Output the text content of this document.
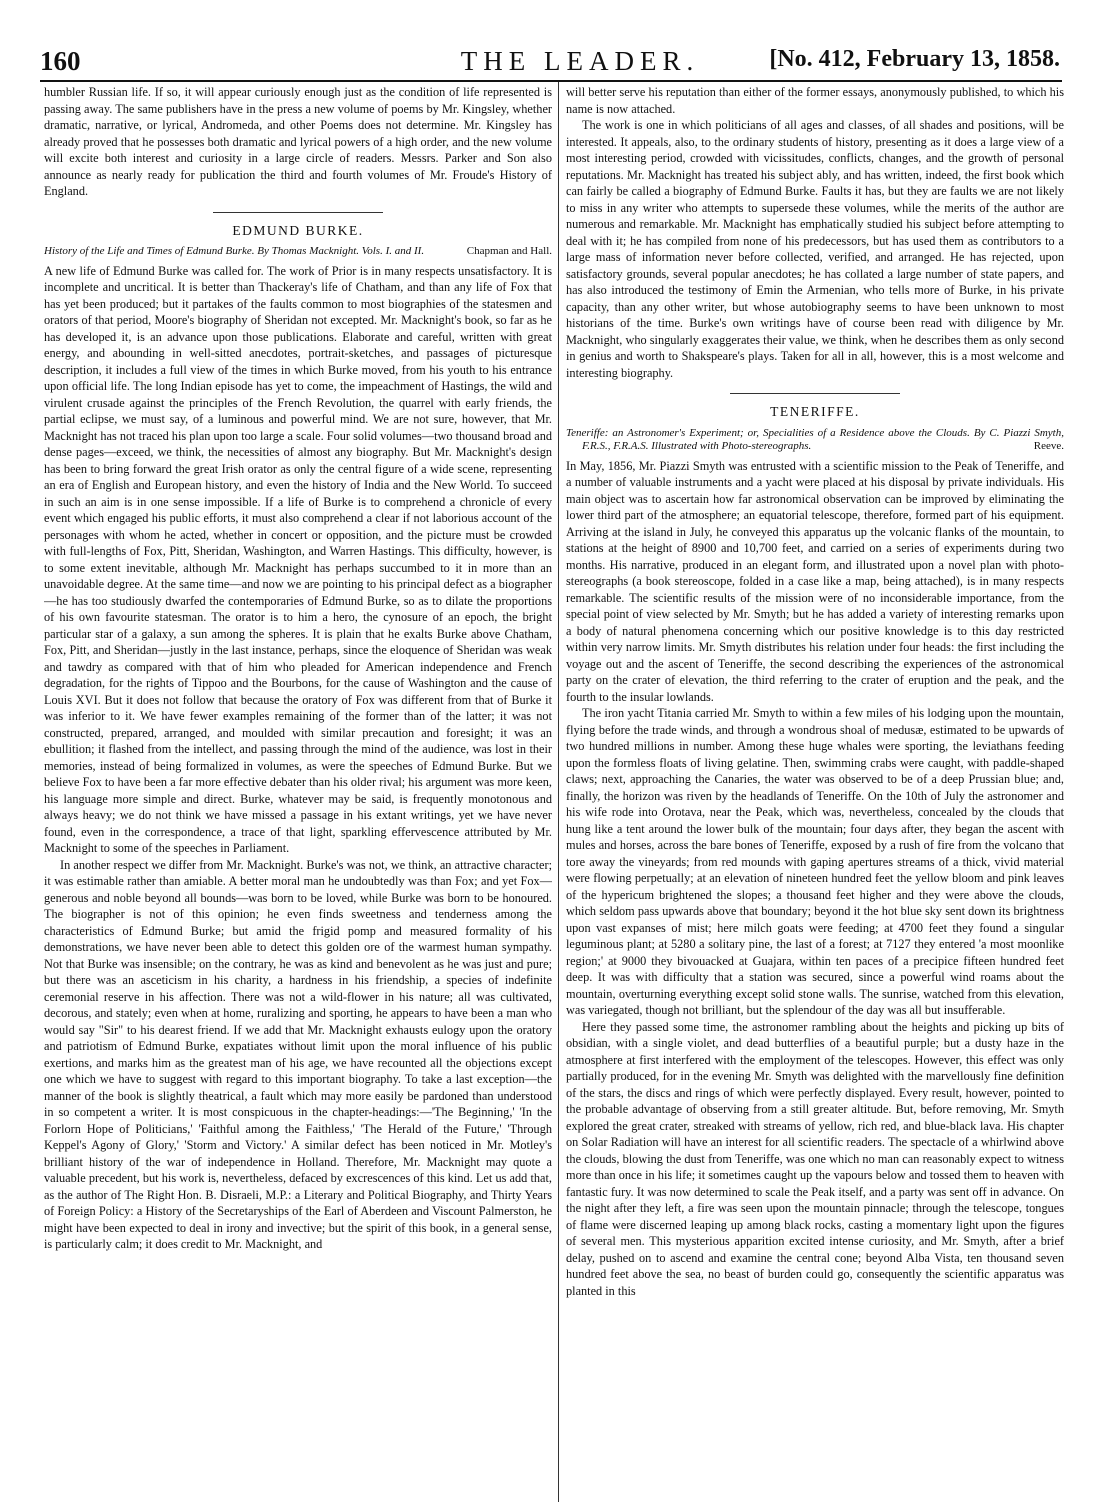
160	THE LEADER.	[No. 412, February 13, 1858.

humbler Russian life. If so, it will appear curiously enough just as the condition of life represented is passing away. The same publishers have in the press a new volume of poems by Mr. Kingsley, whether dramatic, narrative, or lyrical, Andromeda, and other Poems does not determine. Mr. Kingsley has already proved that he possesses both dramatic and lyrical powers of a high order, and the new volume will excite both interest and curiosity in a large circle of readers. Messrs. Parker and Son also announce as nearly ready for publication the third and fourth volumes of Mr. Froude's History of England.

EDMUND BURKE.
History of the Life and Times of Edmund Burke. By Thomas Macknight. Vols. I. and II.	Chapman and Hall.

A new life of Edmund Burke was called for. The work of Prior is in many respects unsatisfactory. It is incomplete and uncritical. It is better than Thackeray's life of Chatham, and than any life of Fox that has yet been produced; but it partakes of the faults common to most biographies of the statesmen and orators of that period, Moore's biography of Sheridan not excepted. Mr. Macknight's book, so far as he has developed it, is an advance upon those publications. Elaborate and careful, written with great energy, and abounding in well-sitted anecdotes, portrait-sketches, and passages of picturesque description, it includes a full view of the times in which Burke moved, from his youth to his entrance upon official life. The long Indian episode has yet to come, the impeachment of Hastings, the wild and virulent crusade against the principles of the French Revolution, the quarrel with early friends, the partial eclipse, we must say, of a luminous and powerful mind. We are not sure, however, that Mr. Macknight has not traced his plan upon too large a scale. Four solid volumes—two thousand broad and dense pages—exceed, we think, the necessities of almost any biography. But Mr. Macknight's design has been to bring forward the great Irish orator as only the central figure of a wide scene, representing an era of English and European history, and even the history of India and the New World. To succeed in such an aim is in one sense impossible. If a life of Burke is to comprehend a chronicle of every event which engaged his public efforts, it must also comprehend a clear if not laborious account of the personages with whom he acted, whether in concert or opposition, and the picture must be crowded with full-lengths of Fox, Pitt, Sheridan, Washington, and Warren Hastings. This difficulty, however, is to some extent inevitable, although Mr. Macknight has perhaps succumbed to it in more than an unavoidable degree. At the same time—and now we are pointing to his principal defect as a biographer—he has too studiously dwarfed the contemporaries of Edmund Burke, so as to dilate the proportions of his own favourite statesman. The orator is to him a hero, the cynosure of an epoch, the bright particular star of a galaxy, a sun among the spheres. It is plain that he exalts Burke above Chatham, Fox, Pitt, and Sheridan—justly in the last instance, perhaps, since the eloquence of Sheridan was weak and tawdry as compared with that of him who pleaded for American independence and French degradation, for the rights of Tippoo and the Bourbons, for the cause of Washington and the cause of Louis XVI. But it does not follow that because the oratory of Fox was different from that of Burke it was inferior to it. We have fewer examples remaining of the former than of the latter; it was not constructed, prepared, arranged, and moulded with similar precaution and foresight; it was an ebullition; it flashed from the intellect, and passing through the mind of the audience, was lost in their memories, instead of being formalized in volumes, as were the speeches of Edmund Burke. But we believe Fox to have been a far more effective debater than his older rival; his argument was more keen, his language more simple and direct. Burke, whatever may be said, is frequently monotonous and always heavy; we do not think we have missed a passage in his extant writings, yet we have never found, even in the correspondence, a trace of that light, sparkling effervescence attributed by Mr. Macknight to some of the speeches in Parliament.

In another respect we differ from Mr. Macknight. Burke's was not, we think, an attractive character; it was estimable rather than amiable. A better moral man he undoubtedly was than Fox; and yet Fox—generous and noble beyond all bounds—was born to be loved, while Burke was born to be honoured. The biographer is not of this opinion; he even finds sweetness and tenderness among the characteristics of Edmund Burke; but amid the frigid pomp and measured formality of his demonstrations, we have never been able to detect this golden ore of the warmest human sympathy. Not that Burke was insensible; on the contrary, he was as kind and benevolent as he was just and pure; but there was an asceticism in his charity, a hardness in his friendship, a species of indefinite ceremonial reserve in his affection. There was not a wild-flower in his nature; all was cultivated, decorous, and stately; even when at home, ruralizing and sporting, he appears to have been a man who would say "Sir" to his dearest friend. If we add that Mr. Macknight exhausts eulogy upon the oratory and patriotism of Edmund Burke, expatiates without limit upon the moral influence of his public exertions, and marks him as the greatest man of his age, we have recounted all the objections except one which we have to suggest with regard to this important biography. To take a last exception—the manner of the book is slightly theatrical, a fault which may more easily be pardoned than understood in so competent a writer. It is most conspicuous in the chapter-headings:—'The Beginning,' 'In the Forlorn Hope of Politicians,' 'Faithful among the Faithless,' 'The Herald of the Future,' 'Through Keppel's Agony of Glory,' 'Storm and Victory.' A similar defect has been noticed in Mr. Motley's brilliant history of the war of independence in Holland. Therefore, Mr. Macknight may quote a valuable precedent, but his work is, nevertheless, defaced by excrescences of this kind. Let us add that, as the author of The Right Hon. B. Disraeli, M.P.: a Literary and Political Biography, and Thirty Years of Foreign Policy: a History of the Secretaryships of the Earl of Aberdeen and Viscount Palmerston, he might have been expected to deal in irony and invective; but the spirit of this book, in a general sense, is particularly calm; it does credit to Mr. Macknight, and

will better serve his reputation than either of the former essays, anonymously published, to which his name is now attached.

The work is one in which politicians of all ages and classes, of all shades and positions, will be interested. It appeals, also, to the ordinary students of history, presenting as it does a large view of a most interesting period, crowded with vicissitudes, conflicts, changes, and the growth of personal reputations. Mr. Macknight has treated his subject ably, and has written, indeed, the first book which can fairly be called a biography of Edmund Burke. Faults it has, but they are faults we are not likely to miss in any writer who attempts to supersede these volumes, while the merits of the author are numerous and remarkable. Mr. Macknight has emphatically studied his subject before attempting to deal with it; he has compiled from none of his predecessors, but has used them as contributors to a large mass of information never before collected, verified, and arranged. He has rejected, upon satisfactory grounds, several popular anecdotes; he has collated a large number of state papers, and has also introduced the testimony of Emin the Armenian, who tells more of Burke, in his private capacity, than any other writer, but whose autobiography seems to have been unknown to most historians of the time. Burke's own writings have of course been read with diligence by Mr. Macknight, who singularly exaggerates their value, we think, when he describes them as only second in genius and worth to Shakspeare's plays. Taken for all in all, however, this is a most welcome and interesting biography.

TENERIFFE.
Teneriffe: an Astronomer's Experiment; or, Specialities of a Residence above the Clouds. By C. Piazzi Smyth, F.R.S., F.R.A.S. Illustrated with Photo-stereographs.	Reeve.

In May, 1856, Mr. Piazzi Smyth was entrusted with a scientific mission to the Peak of Teneriffe, and a number of valuable instruments and a yacht were placed at his disposal by private individuals. His main object was to ascertain how far astronomical observation can be improved by eliminating the lower third part of the atmosphere; an equatorial telescope, therefore, formed part of his equipment. Arriving at the island in July, he conveyed this apparatus up the volcanic flanks of the mountain, to stations at the height of 8900 and 10,700 feet, and carried on a series of experiments during two months. His narrative, produced in an elegant form, and illustrated upon a novel plan with photo-stereographs (a book stereoscope, folded in a case like a map, being attached), is in many respects remarkable. The scientific results of the mission were of no inconsiderable importance, from the special point of view selected by Mr. Smyth; but he has added a variety of interesting remarks upon a body of natural phenomena concerning which our positive knowledge is to this day restricted within very narrow limits. Mr. Smyth distributes his relation under four heads: the first including the voyage out and the ascent of Teneriffe, the second describing the experiences of the astronomical party on the crater of elevation, the third referring to the crater of eruption and the peak, and the fourth to the insular lowlands.

The iron yacht Titania carried Mr. Smyth to within a few miles of his lodging upon the mountain, flying before the trade winds, and through a wondrous shoal of medusæ, estimated to be upwards of two hundred millions in number. Among these huge whales were sporting, the leviathans feeding upon the formless floats of living gelatine. Then, swimming crabs were caught, with paddle-shaped claws; next, approaching the Canaries, the water was observed to be of a deep Prussian blue; and, finally, the horizon was riven by the headlands of Teneriffe. On the 10th of July the astronomer and his wife rode into Orotava, near the Peak, which was, nevertheless, concealed by the clouds that hung like a tent around the lower bulk of the mountain; four days after, they began the ascent with mules and horses, across the bare bones of Teneriffe, exposed by a rush of fire from the volcano that tore away the vineyards; from red mounds with gaping apertures streams of a thick, vivid material were flowing perpetually; at an elevation of nineteen hundred feet the yellow bloom and pink leaves of the hypericum brightened the slopes; a thousand feet higher and they were above the clouds, which seldom pass upwards above that boundary; beyond it the hot blue sky sent down its brightness upon vast expanses of mist; here milch goats were feeding; at 4700 feet they found a singular leguminous plant; at 5280 a solitary pine, the last of a forest; at 7127 they entered 'a most moonlike region;' at 9000 they bivouacked at Guajara, within ten paces of a precipice fifteen hundred feet deep. It was with difficulty that a station was secured, since a powerful wind roams about the mountain, overturning everything except solid stone walls. The sunrise, watched from this elevation, was variegated, though not brilliant, but the splendour of the day was all but insufferable.

Here they passed some time, the astronomer rambling about the heights and picking up bits of obsidian, with a single violet, and dead butterflies of a beautiful purple; but a dusty haze in the atmosphere at first interfered with the employment of the telescopes. However, this effect was only partially produced, for in the evening Mr. Smyth was delighted with the marvellously fine definition of the stars, the discs and rings of which were perfectly displayed. Every result, however, pointed to the probable advantage of observing from a still greater altitude. But, before removing, Mr. Smyth explored the great crater, streaked with streams of yellow, rich red, and blue-black lava. His chapter on Solar Radiation will have an interest for all scientific readers. The spectacle of a whirlwind above the clouds, blowing the dust from Teneriffe, was one which no man can reasonably expect to witness more than once in his life; it sometimes caught up the vapours below and tossed them to heaven with fantastic fury. It was now determined to scale the Peak itself, and a party was sent off in advance. On the night after they left, a fire was seen upon the mountain pinnacle; through the telescope, tongues of flame were discerned leaping up among black rocks, casting a momentary light upon the figures of several men. This mysterious apparition excited intense curiosity, and Mr. Smyth, after a brief delay, pushed on to ascend and examine the central cone; beyond Alba Vista, ten thousand seven hundred feet above the sea, no beast of burden could go, consequently the scientific apparatus was planted in this
